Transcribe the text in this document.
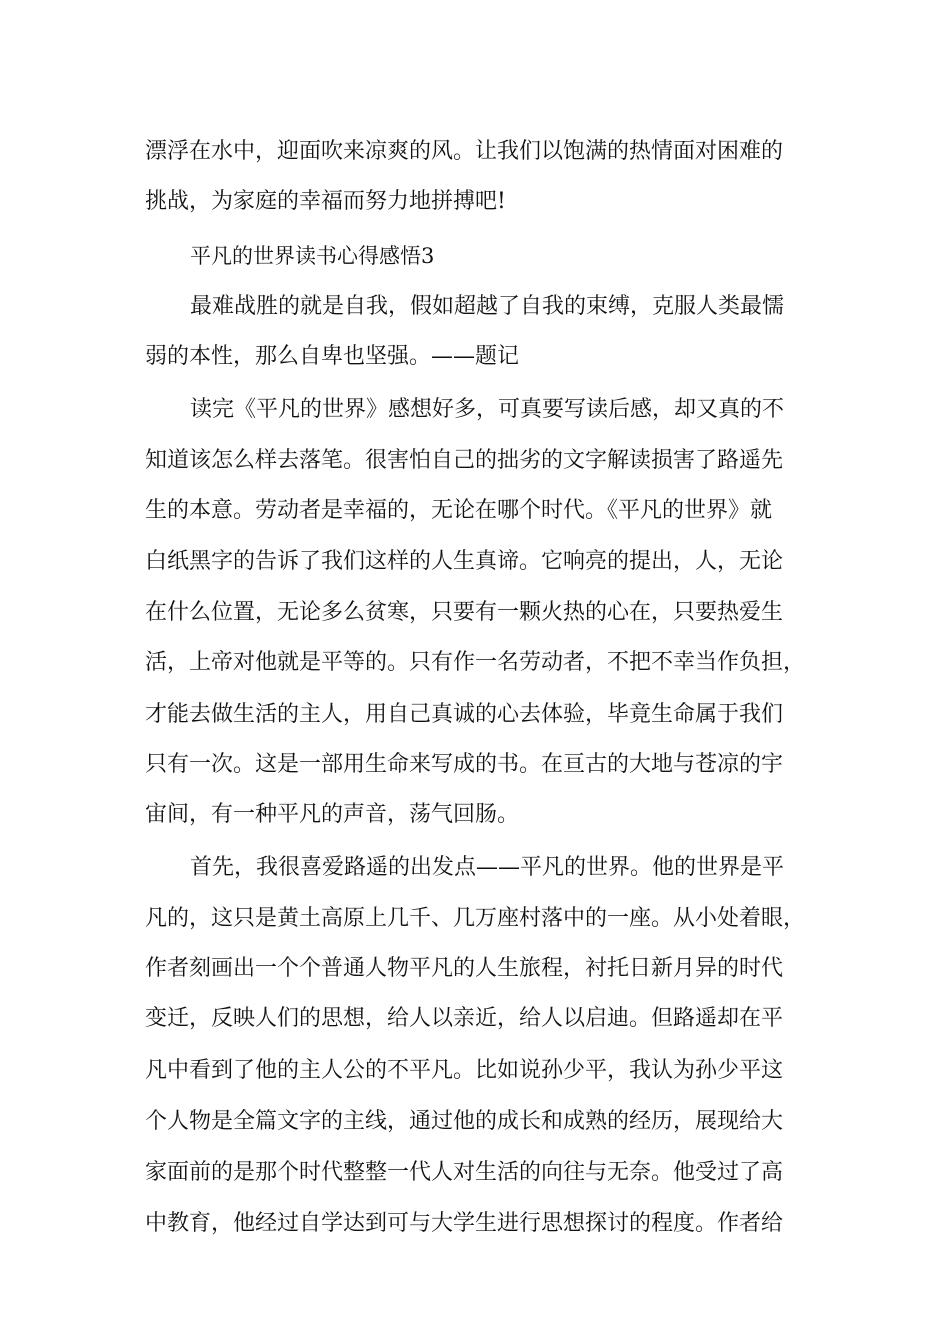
漂浮在水中，迎面吹来凉爽的风。让我们以饱满的热情面对困难的
挑战，为家庭的幸福而努力地拼搏吧!
平凡的世界读书心得感悟3
最难战胜的就是自我，假如超越了自我的束缚，克服人类最懦
弱的本性，那么自卑也坚强。——题记
读完《平凡的世界》感想好多，可真要写读后感，却又真的不
知道该怎么样去落笔。很害怕自己的拙劣的文字解读损害了路遥先
生的本意。劳动者是幸福的，无论在哪个时代。《平凡的世界》就
白纸黑字的告诉了我们这样的人生真谛。它响亮的提出，人，无论
在什么位置，无论多么贫寒，只要有一颗火热的心在，只要热爱生
活，上帝对他就是平等的。只有作一名劳动者，不把不幸当作负担，
才能去做生活的主人，用自己真诚的心去体验，毕竟生命属于我们
只有一次。这是一部用生命来写成的书。在亘古的大地与苍凉的宇
宙间，有一种平凡的声音，荡气回肠。
首先，我很喜爱路遥的出发点——平凡的世界。他的世界是平
凡的，这只是黄土高原上几千、几万座村落中的一座。从小处着眼，
作者刻画出一个个普通人物平凡的人生旅程，衬托日新月异的时代
变迁，反映人们的思想，给人以亲近，给人以启迪。但路遥却在平
凡中看到了他的主人公的不平凡。比如说孙少平，我认为孙少平这
个人物是全篇文字的主线，通过他的成长和成熟的经历，展现给大
家面前的是那个时代整整一代人对生活的向往与无奈。他受过了高
中教育，他经过自学达到可与大学生进行思想探讨的程度。作者给
